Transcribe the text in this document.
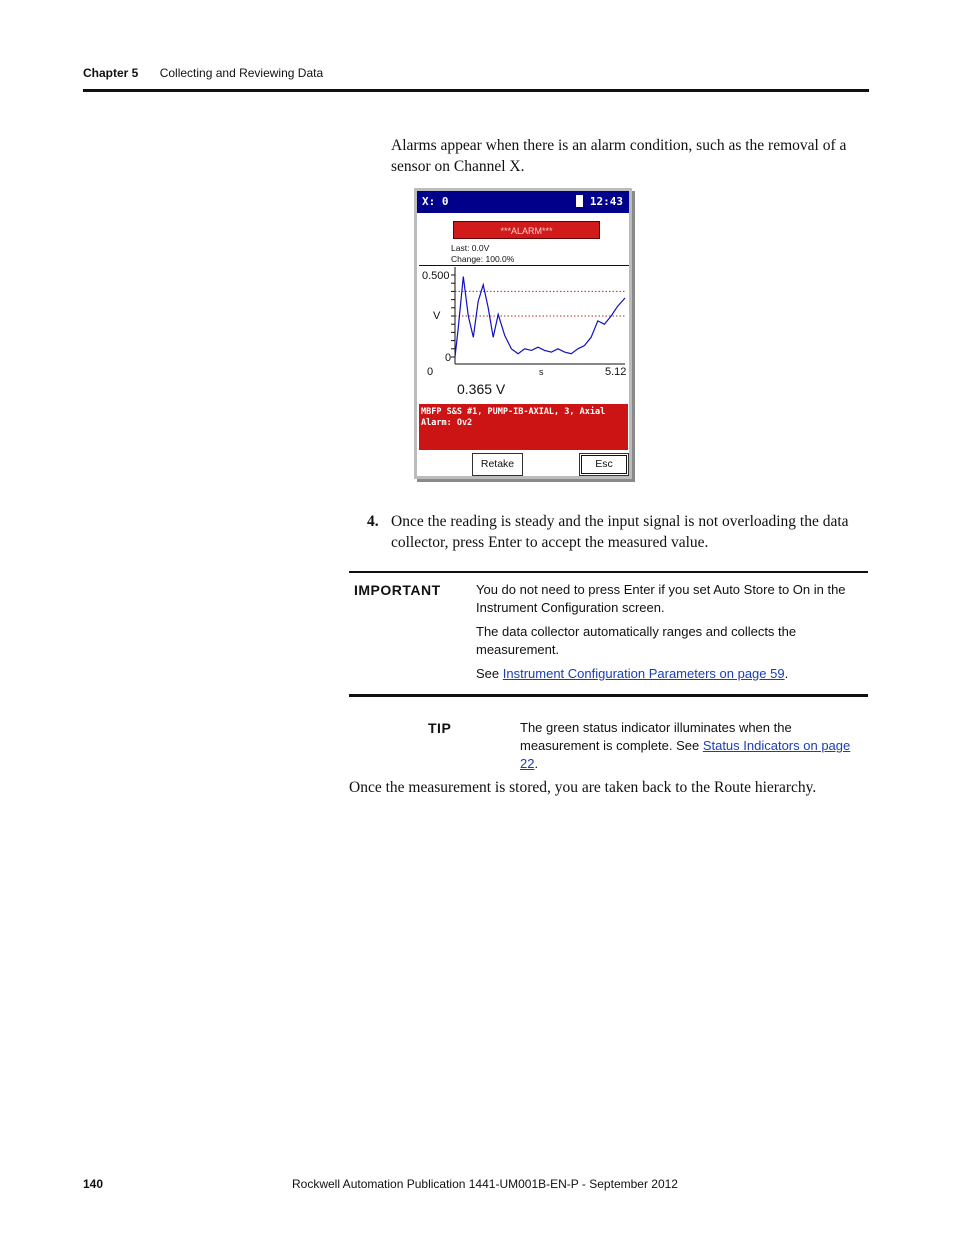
Chapter 5 Collecting and Reviewing Data
Alarms appear when there is an alarm condition, such as the removal of a sensor on Channel X.
X: 0	12:43
***ALARM***
Last: 0.0V
Change: 100.0%
0.500
0
V
0	s	5.12
0.365 V
MBFP S&S #1, PUMP-IB-AXIAL, 3, Axial
Alarm: Ov2
Retake	Esc
4. Once the reading is steady and the input signal is not overloading the data collector, press Enter to accept the measured value.
IMPORTANT	You do not need to press Enter if you set Auto Store to On in the Instrument Configuration screen.
The data collector automatically ranges and collects the measurement.
See Instrument Configuration Parameters on page 59.
TIP	The green status indicator illuminates when the measurement is complete. See Status Indicators on page 22.
Once the measurement is stored, you are taken back to the Route hierarchy.
140	Rockwell Automation Publication 1441-UM001B-EN-P - September 2012
